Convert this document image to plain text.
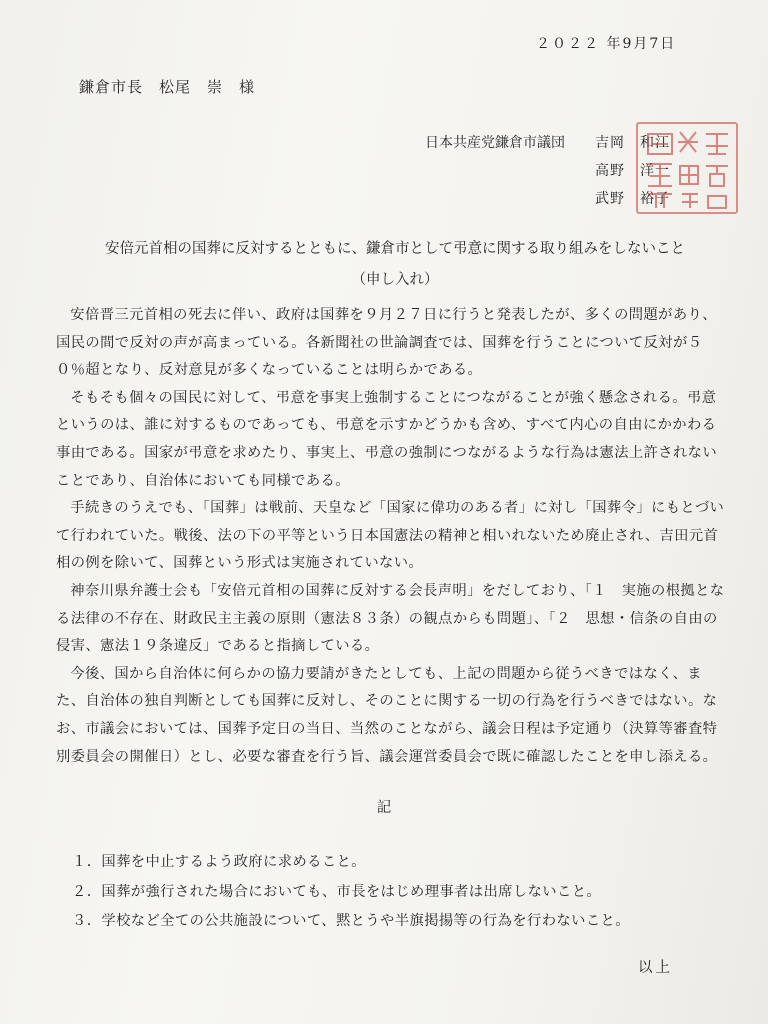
２０２２ 年9月7日
鎌倉市長　松尾　崇　様
日本共産党鎌倉市議団 吉岡　和江
高野　洋一
武野　裕子
安倍元首相の国葬に反対するとともに、鎌倉市として弔意に関する取り組みをしないこと
（申し入れ）

安倍晋三元首相の死去に伴い、政府は国葬を９月２７日に行うと発表したが、多くの問題があり、国民の間で反対の声が高まっている。各新聞社の世論調査では、国葬を行うことについて反対が５０％超となり、反対意見が多くなっていることは明らかである。

そもそも個々の国民に対して、弔意を事実上強制することにつながることが強く懸念される。弔意というのは、誰に対するものであっても、弔意を示すかどうかも含め、すべて内心の自由にかかわる事由である。国家が弔意を求めたり、事実上、弔意の強制につながるような行為は憲法上許されないことであり、自治体においても同様である。

手続きのうえでも、「国葬」は戦前、天皇など「国家に偉功のある者」に対し「国葬令」にもとづいて行われていた。戦後、法の下の平等という日本国憲法の精神と相いれないため廃止され、吉田元首相の例を除いて、国葬という形式は実施されていない。

神奈川県弁護士会も「安倍元首相の国葬に反対する会長声明」をだしており、「１　実施の根拠となる法律の不存在、財政民主主義の原則（憲法８３条）の観点からも問題」、「２　思想・信条の自由の侵害、憲法１９条違反」であると指摘している。

今後、国から自治体に何らかの協力要請がきたとしても、上記の問題から従うべきではなく、また、自治体の独自判断としても国葬に反対し、そのことに関する一切の行為を行うべきではない。なお、市議会においては、国葬予定日の当日、当然のことながら、議会日程は予定通り（決算等審査特別委員会の開催日）とし、必要な審査を行う旨、議会運営委員会で既に確認したことを申し添える。

記
１．国葬を中止するよう政府に求めること。
２．国葬が強行された場合においても、市長をはじめ理事者は出席しないこと。
３．学校など全ての公共施設について、黙とうや半旗掲揚等の行為を行わないこと。
以上
